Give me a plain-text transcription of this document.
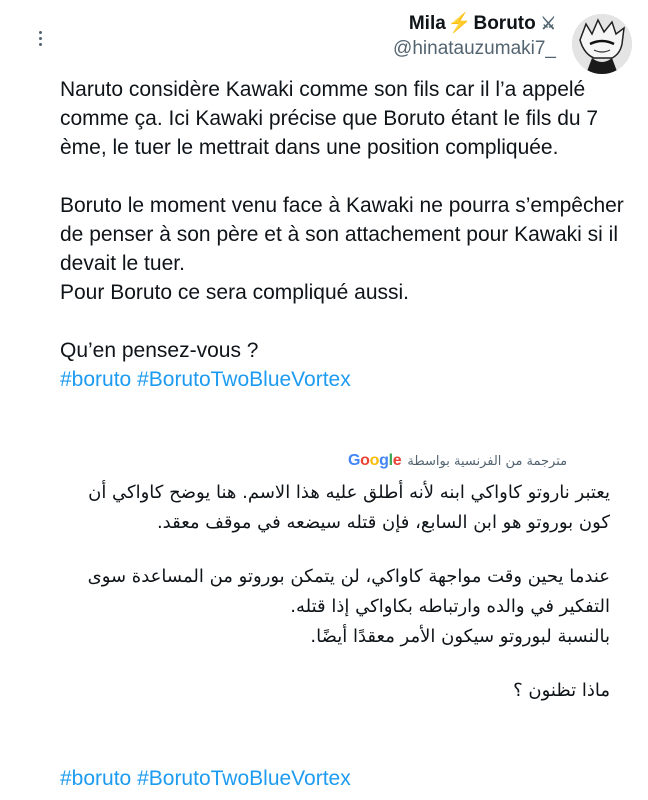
Mila ⚡ Boruto ⚔
@hinatauzumaki7_

Naruto considère Kawaki comme son fils car il l’a appelé comme ça. Ici Kawaki précise que Boruto étant le fils du 7 ème, le tuer le mettrait dans une position compliquée.

Boruto le moment venu face à Kawaki ne pourra s’empêcher de penser à son père et à son attachement pour Kawaki si il devait le tuer.

Pour Boruto ce sera compliqué aussi.

Qu’en pensez-vous ?

#boruto #BorutoTwoBlueVortex

Google مترجمة من الفرنسية بواسطة

يعتبر ناروتو كاواكي ابنه لأنه أطلق عليه هذا الاسم. هنا يوضح كاواكي أن كون بوروتو هو ابن السابع، فإن قتله سيضعه في موقف معقد.

عندما يحين وقت مواجهة كاواكي، لن يتمكن بوروتو من المساعدة سوى التفكير في والده وارتباطه بكاواكي إذا قتله.

بالنسبة لبوروتو سيكون الأمر معقدًا أيضًا.

ماذا تظنون ؟

#boruto #BorutoTwoBlueVortex
